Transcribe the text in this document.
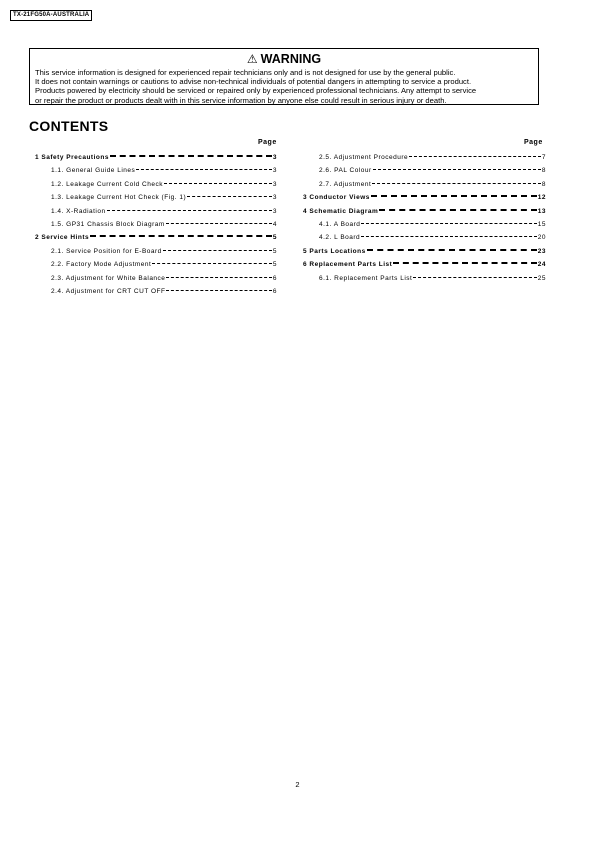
TX-21FG50A-AUSTRALIA
⚠ WARNING
This service information is designed for experienced repair technicians only and is not designed for use by the general public.
It does not contain warnings or cautions to advise non-technical individuals of potential dangers in attempting to service a product.
Products powered by electricity should be serviced or repaired only by experienced professional technicians. Any attempt to service
or repair the product or products dealt with in this service information by anyone else could result in serious injury or death.
CONTENTS
Page	Page
1 Safety Precautions	3
1.1. General Guide Lines	3
1.2. Leakage Current Cold Check	3
1.3. Leakage Current Hot Check (Fig. 1)	3
1.4. X-Radiation	3
1.5. GP31 Chassis Block Diagram	4
2 Service Hints	5
2.1. Service Position for E-Board	5
2.2. Factory Mode Adjustment	5
2.3. Adjustment for White Balance	6
2.4. Adjustment for CRT CUT OFF	6
2.5. Adjustment Procedure	7
2.6. PAL Colour	8
2.7. Adjustment	8
3 Conductor Views	12
4 Schematic Diagram	13
4.1. A Board	15
4.2. L Board	20
5 Parts Locations	23
6 Replacement Parts List	24
6.1. Replacement Parts List	25
2
